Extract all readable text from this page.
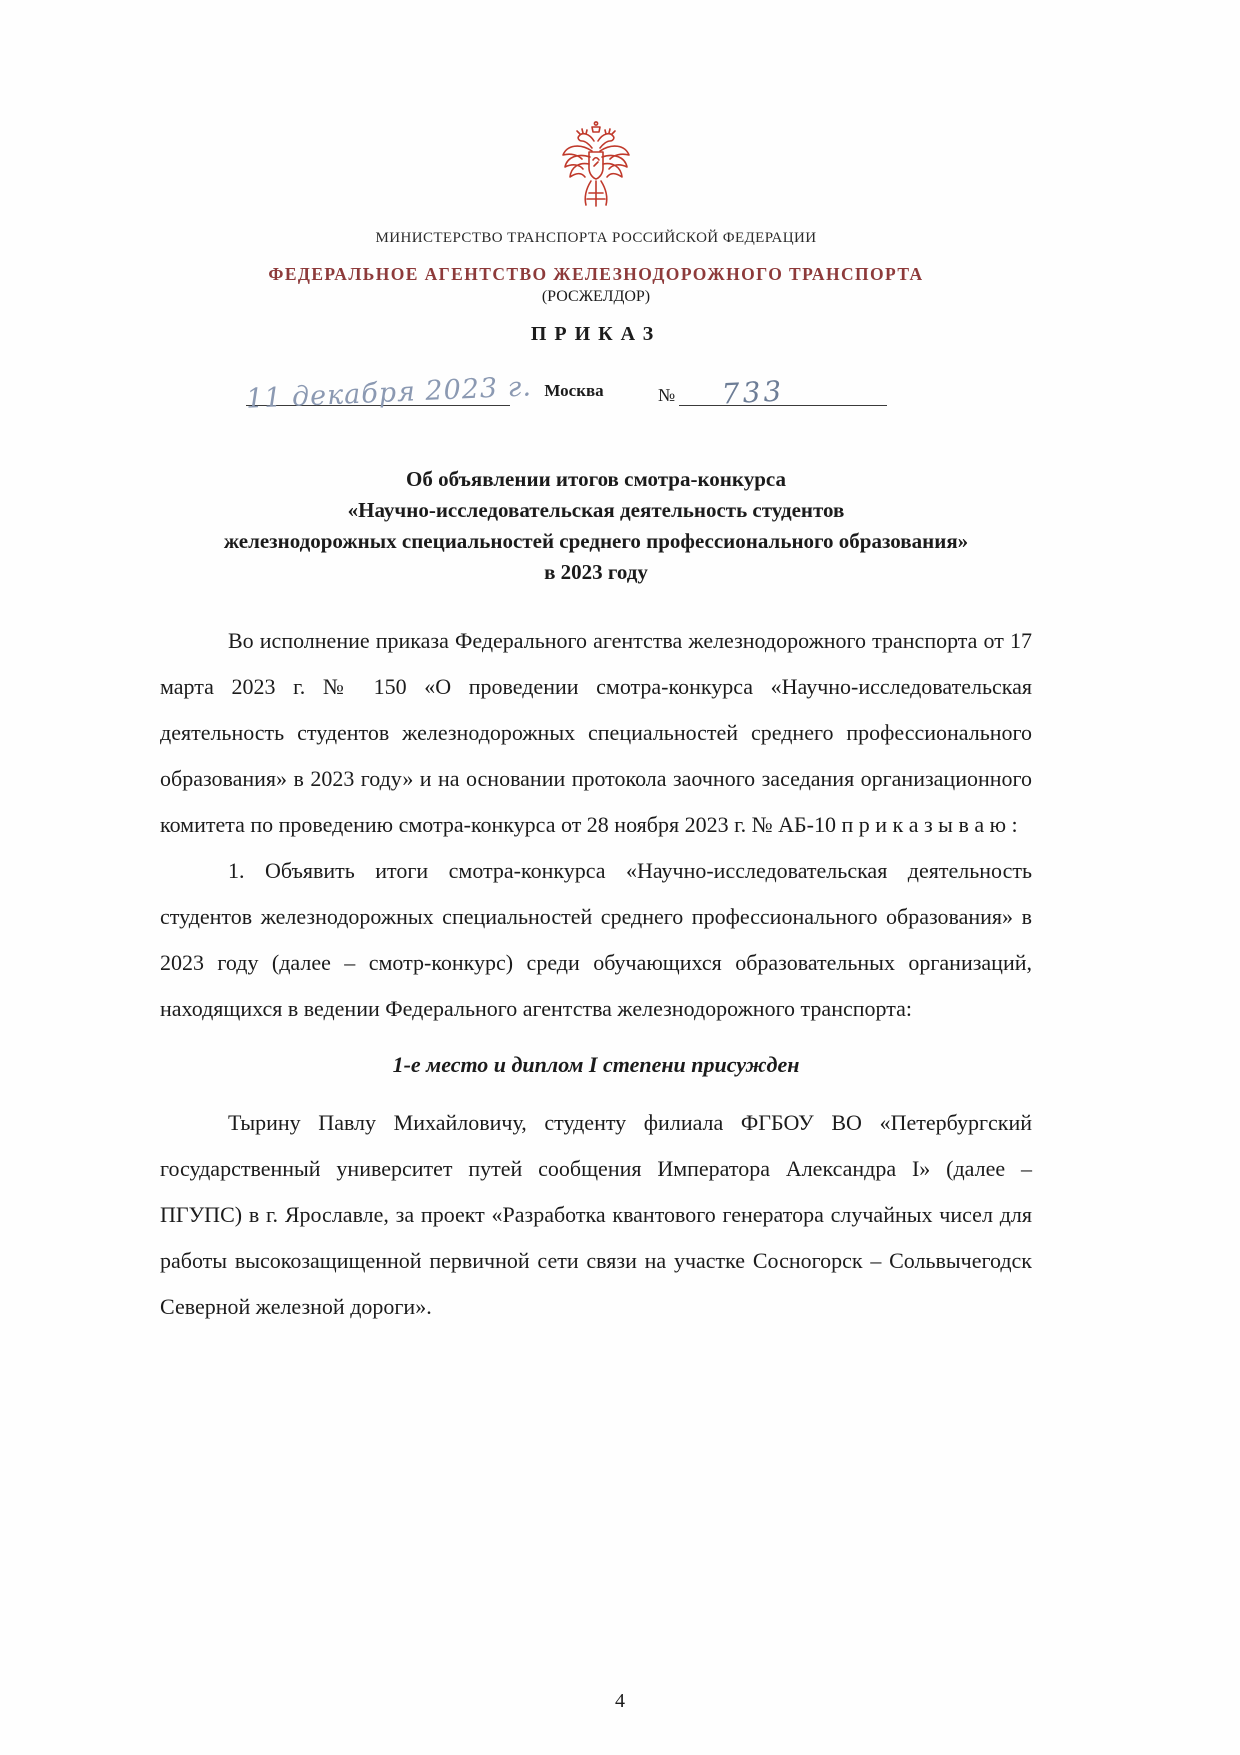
МИНИСТЕРСТВО ТРАНСПОРТА РОССИЙСКОЙ ФЕДЕРАЦИИ
ФЕДЕРАЛЬНОЕ АГЕНТСТВО ЖЕЛЕЗНОДОРОЖНОГО ТРАНСПОРТА
(РОСЖЕЛДОР)
ПРИКАЗ
11 декабря 2023 г. Москва	№	733
Об объявлении итогов смотра-конкурса
«Научно-исследовательская деятельность студентов
железнодорожных специальностей среднего профессионального образования»
в 2023 году

Во исполнение приказа Федерального агентства железнодорожного транспорта от 17 марта 2023 г. № 150 «О проведении смотра-конкурса «Научно-исследовательская деятельность студентов железнодорожных специальностей среднего профессионального образования» в 2023 году» и на основании протокола заочного заседания организационного комитета по проведению смотра-конкурса от 28 ноября 2023 г. № АБ-10 п р и к а з ы в а ю :

1. Объявить итоги смотра-конкурса «Научно-исследовательская деятельность студентов железнодорожных специальностей среднего профессионального образования» в 2023 году (далее – смотр-конкурс) среди обучающихся образовательных организаций, находящихся в ведении Федерального агентства железнодорожного транспорта:

1-е место и диплом I степени присужден

Тырину Павлу Михайловичу, студенту филиала ФГБОУ ВО «Петербургский государственный университет путей сообщения Императора Александра I» (далее – ПГУПС) в г. Ярославле, за проект «Разработка квантового генератора случайных чисел для работы высокозащищенной первичной сети связи на участке Сосногорск – Сольвычегодск Северной железной дороги».

4
